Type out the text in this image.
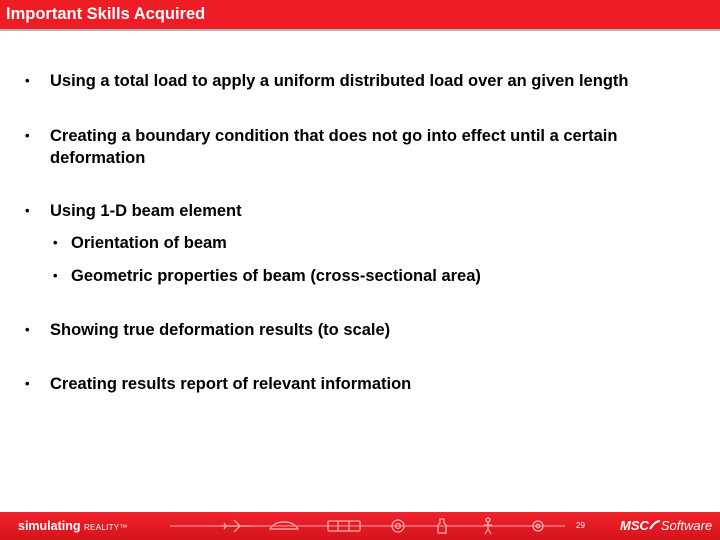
Important Skills Acquired
• Using a total load to apply a uniform distributed load over an given length
• Creating a boundary condition that does not go into effect until a certain
deformation
• Using 1-D beam element
• Orientation of beam
• Geometric properties of beam (cross-sectional area)
• Showing true deformation results (to scale)
• Creating results report of relevant information
simulating REALITY™	29	MSC Software
